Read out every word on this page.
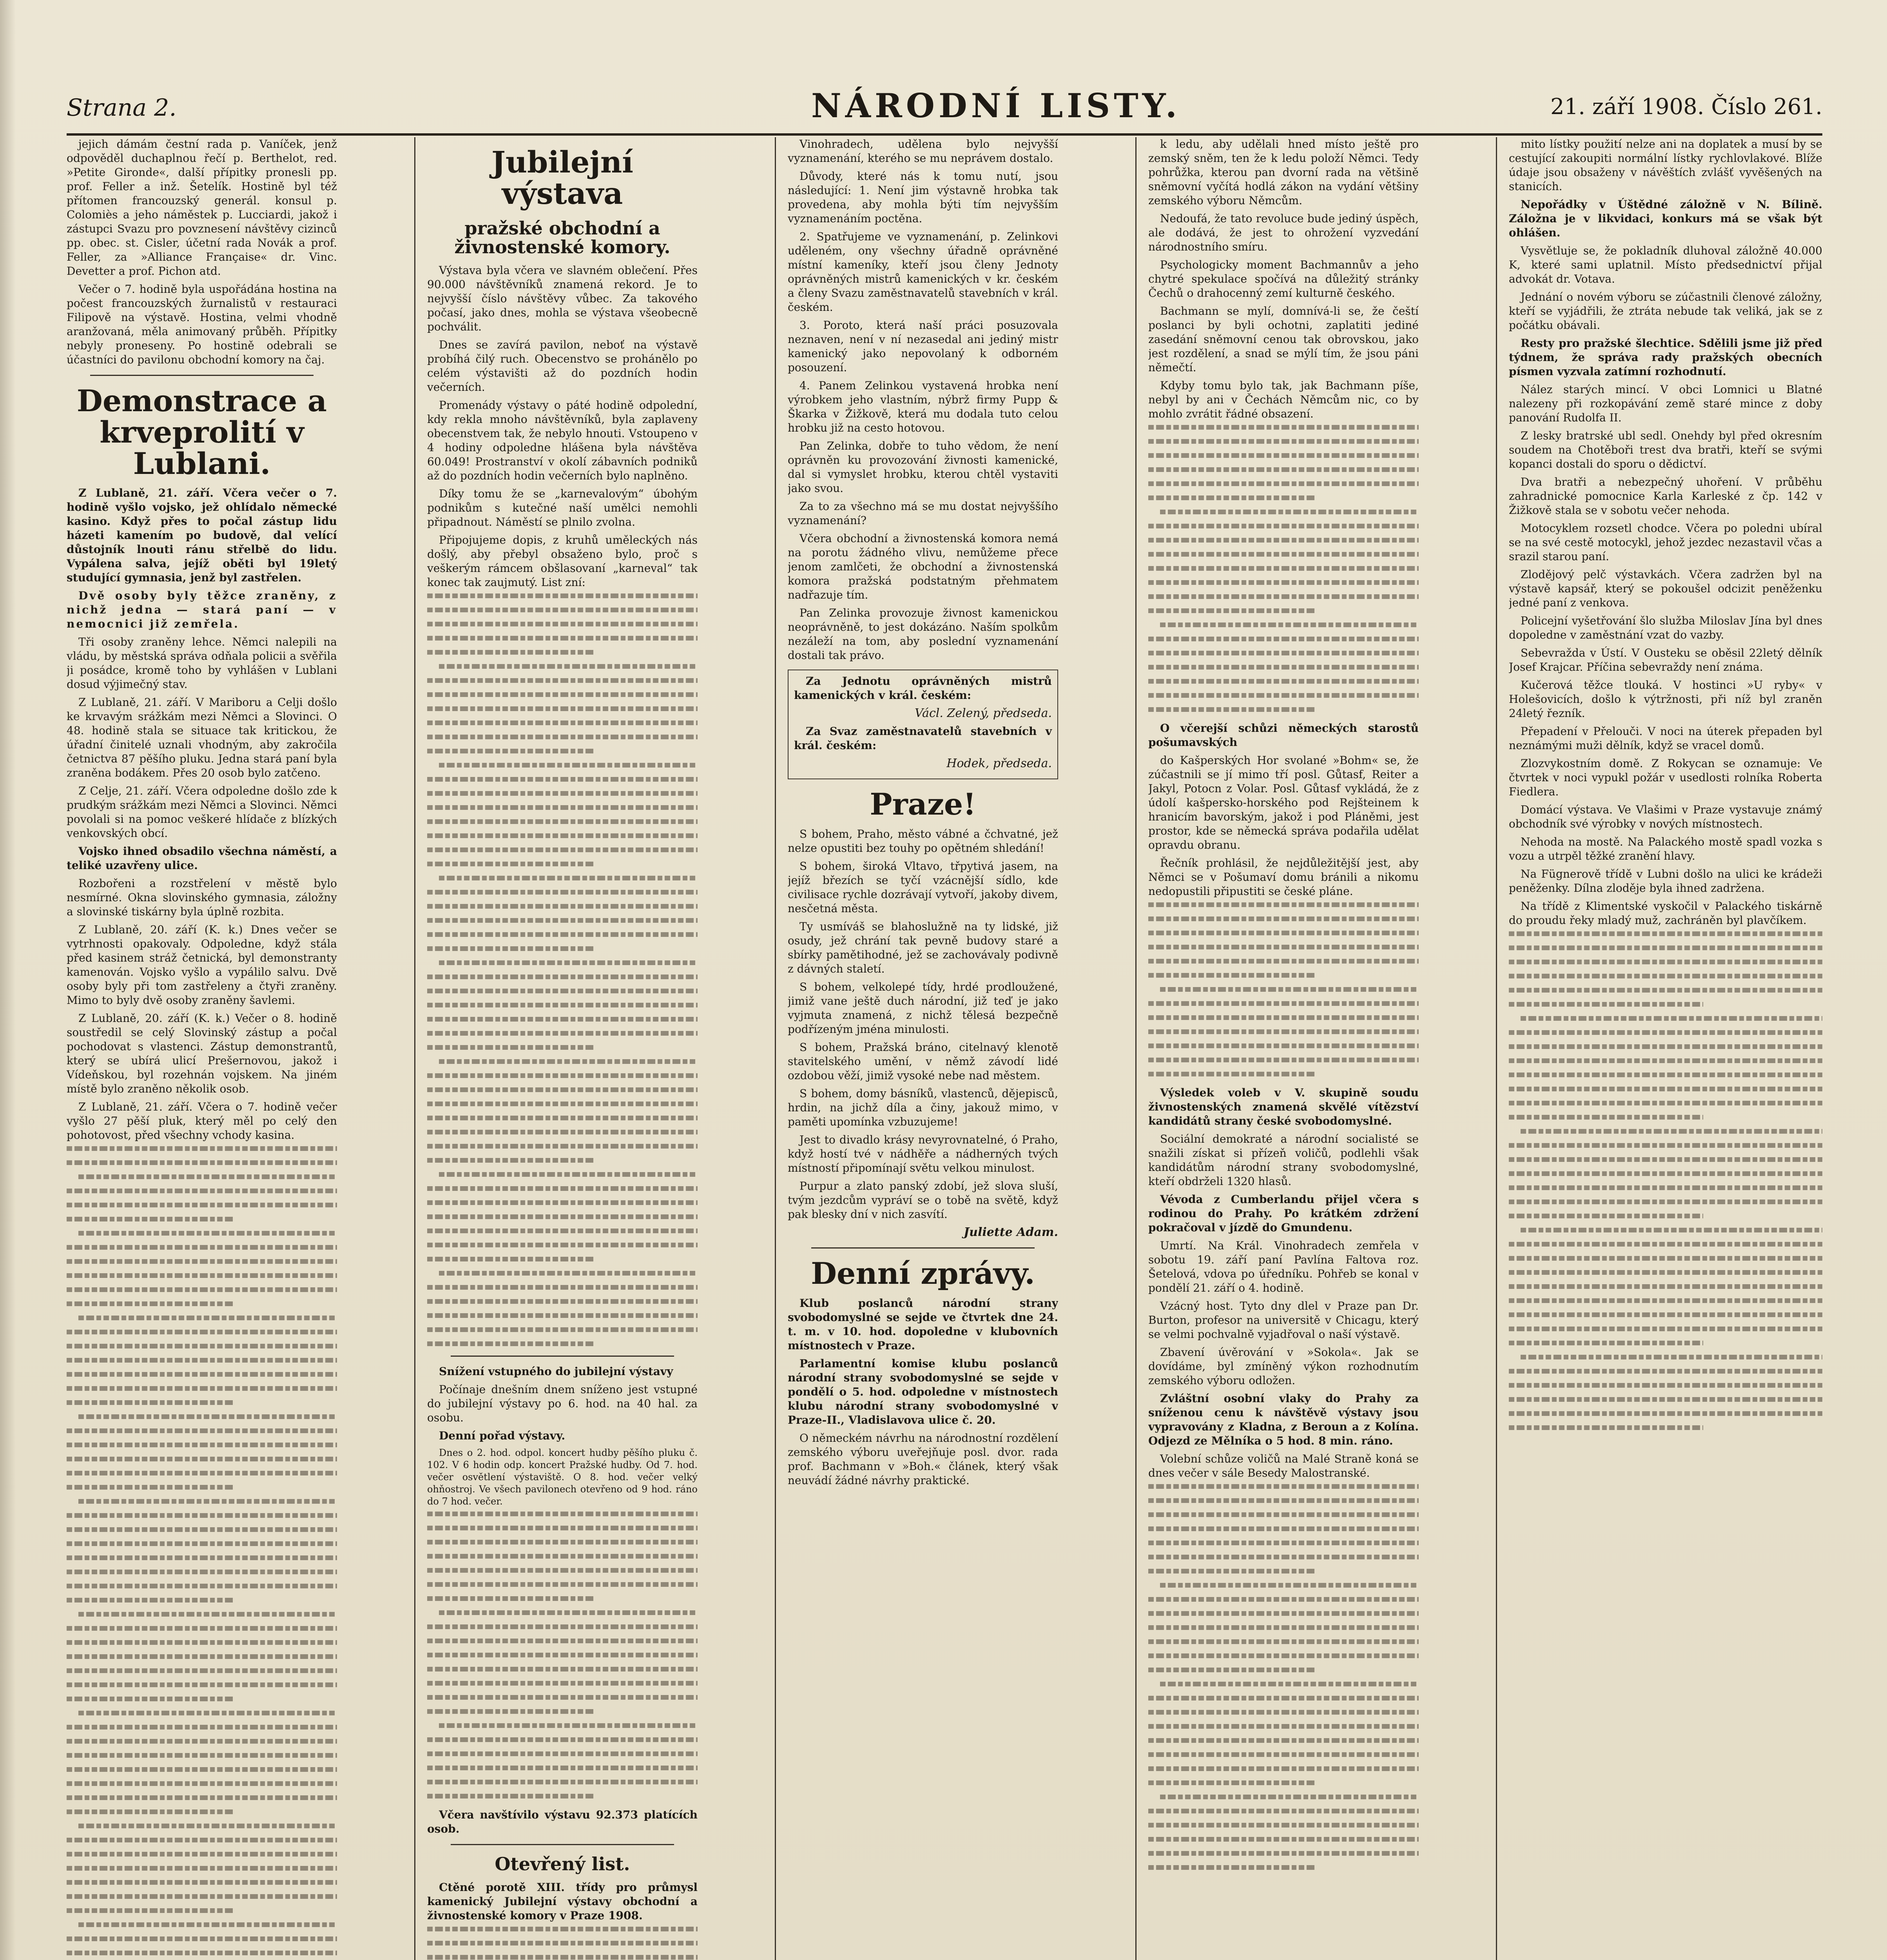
Strana 2.	NÁRODNÍ LISTY.	21. září 1908. Číslo 261.

jejich dámám čestní rada p. Vaníček, jenž odpověděl duchaplnou řečí p. Berthelot, red. »Petite Gironde«, další přípitky pronesli pp. prof. Feller a inž. Šetelík. Hostině byl též přítomen francouzský generál. konsul p. Colomiès a jeho náměstek p. Lucciardi, jakož i zástupci Svazu pro povznesení návštěvy cizinců pp. obec. st. Cisler, účetní rada Novák a prof. Feller, za »Alliance Française« dr. Vinc. Devetter a prof. Pichon atd.

Večer o 7. hodině byla uspořádána hostina na počest francouzských žurnalistů v restauraci Filipově na výstavě. Hostina, velmi vhodně aranžovaná, měla animovaný průběh. Přípitky nebyly proneseny. Po hostině odebrali se účastníci do pavilonu obchodní komory na čaj.

Demonstrace a krveprolití v Lublani.

Z Lublaně, 21. září. Včera večer o 7. hodině vyšlo vojsko, jež ohlídalo německé kasino. Když přes to počal zástup lidu házeti kamením po budově, dal velící důstojník lnouti ránu střelbě do lidu. Vypálena salva, jejíž oběti byl 19letý studující gymnasia, jenž byl zastřelen.

Dvě osoby byly těžce zraněny, z nichž jedna — stará paní — v nemocnici již zemřela.

Tři osoby zraněny lehce. Němci nalepili na vládu, by městská správa odňala policii a svěřila ji posádce, kromě toho by vyhlášen v Lublani dosud výjimečný stav.

Z Lublaně, 21. září. V Mariboru a Celji došlo ke krvavým srážkám mezi Němci a Slovinci. O 48. hodině stala se situace tak kritickou, že úřadní činitelé uznali vhodným, aby zakročila četnictva 87 pěšího pluku. Jedna stará paní byla zraněna bodákem. Přes 20 osob bylo zatčeno.

Z Celje, 21. září. Včera odpoledne došlo zde k prudkým srážkám mezi Němci a Slovinci. Němci povolali si na pomoc veškeré hlídače z blízkých venkovských obcí.

Vojsko ihned obsadilo všechna náměstí, a teliké uzavřeny ulice.

Rozbořeni a rozstřelení v městě bylo nesmírné. Okna slovinského gymnasia, záložny a slovinské tiskárny byla úplně rozbita.

Z Lublaně, 20. září (K. k.) Dnes večer se vytrhnosti opakovaly. Odpoledne, když stála před kasinem stráž četnická, byl demonstranty kamenován. Vojsko vyšlo a vypálilo salvu. Dvě osoby byly při tom zastřeleny a čtyři zraněny. Mimo to byly dvě osoby zraněny šavlemi.

Z Lublaně, 20. září (K. k.) Večer o 8. hodině soustředil se celý Slovinský zástup a počal pochodovat s vlastenci. Zástup demonstrantů, který se ubírá ulicí Prešernovou, jakož i Vídeňskou, byl rozehnán vojskem. Na jiném místě bylo zraněno několik osob.

Z Lublaně, 21. září. Včera o 7. hodině večer vyšlo 27 pěší pluk, který měl po celý den pohotovost, před všechny vchody kasina.

Jubilejní výstava
pražské obchodní a živnostenské komory.

Výstava byla včera ve slavném oblečení. Přes 90.000 návštěvníků znamená rekord. Je to nejvyšší číslo návštěvy vůbec. Za takového počasí, jako dnes, mohla se výstava všeobecně pochválit.

Dnes se zavírá pavilon, neboť na výstavě probíhá čilý ruch. Obecenstvo se prohánělo po celém výstavišti až do pozdních hodin večerních.

Promenády výstavy o páté hodině odpolední, kdy rekla mnoho návštěvníků, byla zaplaveny obecenstvem tak, že nebylo hnouti. Vstoupeno v 4 hodiny odpoledne hlášena byla návštěva 60.049! Prostranství v okolí zábavních podniků až do pozdních hodin večerních bylo naplněno.

Díky tomu že se „karnevalovým“ úbohým podnikům s kutečné naší umělci nemohli připadnout. Náměstí se plnilo zvolna.

Připojujeme dopis, z kruhů uměleckých nás došlý, aby přebyl obsaženo bylo, proč s veškerým rámcem obšlasovaní „karneval“ tak konec tak zaujmutý. List zní:

Snížení vstupného do jubilejní výstavy

Počínaje dnešním dnem sníženo jest vstupné do jubilejní výstavy po 6. hod. na 40 hal. za osobu.

Denní pořad výstavy.

Dnes o 2. hod. odpol. koncert hudby pěšího pluku č. 102. V 6 hodin odp. koncert Pražské hudby. Od 7. hod. večer osvětlení výstaviště. O 8. hod. večer velký ohňostroj. Ve všech pavilonech otevřeno od 9 hod. ráno do 7 hod. večer.

Včera navštívilo výstavu 92.373 platících osob.

Otevřený list.

Ctěné porotě XIII. třídy pro průmysl kamenický Jubilejní výstavy obchodní a živnostenské komory v Praze 1908.

Vinohradech, udělena bylo nejvyšší vyznamenání, kterého se mu neprávem dostalo.

Důvody, které nás k tomu nutí, jsou následující: 1. Není jim výstavně hrobka tak provedena, aby mohla býti tím nejvyšším vyznamenáním poctěna.

2. Spatřujeme ve vyznamenání, p. Zelinkovi uděleném, ony všechny úřadně oprávněné místní kameníky, kteří jsou členy Jednoty oprávněných mistrů kamenických v kr. českém a členy Svazu zaměstnavatelů stavebních v král. českém.

3. Poroto, která naší práci posuzovala neznaven, není v ní nezasedal ani jediný mistr kamenický jako nepovolaný k odborném posouzení.

4. Panem Zelinkou vystavená hrobka není výrobkem jeho vlastním, nýbrž firmy Pupp & Škarka v Žižkově, která mu dodala tuto celou hrobku již na cesto hotovou.

Pan Zelinka, dobře to tuho vědom, že není oprávněn ku provozování živnosti kamenické, dal si vymyslet hrobku, kterou chtěl vystaviti jako svou.

Za to za všechno má se mu dostat nejvyššího vyznamenání?

Včera obchodní a živnostenská komora nemá na porotu žádného vlivu, nemůžeme přece jenom zamlčeti, že obchodní a živnostenská komora pražská podstatným přehmatem nadřazuje tím.

Pan Zelinka provozuje živnost kamenickou neoprávněně, to jest dokázáno. Naším spolkům nezáleží na tom, aby poslední vyznamenání dostali tak právo.

Za Jednotu oprávněných mistrů kamenických v král. českém:

Václ. Zelený, předseda.

Za Svaz zaměstnavatelů stavebních v král. českém:

Hodek, předseda.

Praze!

S bohem, Praho, město vábné a čchvatné, jež nelze opustiti bez touhy po opětném shledání!

S bohem, široká Vltavo, třpytivá jasem, na jejíž březích se tyčí vzácnější sídlo, kde civilisace rychle dozrávají vytvoří, jakoby divem, nesčetná města.

Ty usmíváš se blahoslužně na ty lidské, již osudy, jež chrání tak pevně budovy staré a sbírky pamětihodné, jež se zachovávaly podivně z dávných staletí.

S bohem, velkolepé tídy, hrdé prodloužené, jimiž vane ještě duch národní, již teď je jako vyjmuta znamená, z nichž tělesá bezpečně podřízeným jména minulosti.

S bohem, Pražská bráno, citelnavý klenotě stavitelského umění, v němž závodí lidé ozdobou věží, jimiž vysoké nebe nad městem.

S bohem, domy básníků, vlastenců, dějepisců, hrdin, na jichž díla a činy, jakouž mimo, v paměti upomínka vzbuzujeme!

Jest to divadlo krásy nevyrovnatelné, ó Praho, když hostí tvé v nádhěře a nádherných tvých místností připomínají světu velkou minulost.

Purpur a zlato panský zdobí, jež slova sluší, tvým jezdcům vypráví se o tobě na světě, když pak blesky dní v nich zasvítí.

Juliette Adam.

Denní zprávy.

Klub poslanců národní strany svobodomyslné se sejde ve čtvrtek dne 24. t. m. v 10. hod. dopoledne v klubovních místnostech v Praze.

Parlamentní komise klubu poslanců národní strany svobodomyslné se sejde v pondělí o 5. hod. odpoledne v místnostech klubu národní strany svobodomyslné v Praze-II., Vladislavova ulice č. 20.

O německém návrhu na národnostní rozdělení zemského výboru uveřejňuje posl. dvor. rada prof. Bachmann v »Boh.« článek, který však neuvádí žádné návrhy praktické.

k ledu, aby udělali hned místo ještě pro zemský sněm, ten že k ledu položí Němci. Tedy pohrůžka, kterou pan dvorní rada na většině sněmovní vyčítá hodlá zákon na vydání většiny zemského výboru Němcům.

Nedoufá, že tato revoluce bude jediný úspěch, ale dodává, že jest to ohrožení vyzvedání národnostního smíru.

Psychologicky moment Bachmannův a jeho chytré spekulace spočívá na důležitý stránky Čechů o drahocenný zemí kulturně českého.

Bachmann se mylí, domnívá-li se, že čeští poslanci by byli ochotni, zaplatiti jediné zasedání sněmovní cenou tak obrovskou, jako jest rozdělení, a snad se mýlí tím, že jsou páni němečtí.

Kdyby tomu bylo tak, jak Bachmann píše, nebyl by ani v Čechách Němcům nic, co by mohlo zvrátit řádné obsazení.

O včerejší schůzi německých starostů pošumavských

do Kašperských Hor svolané »Bohm« se, že zúčastnili se jí mimo tří posl. Gůtasf, Reiter a Jakyl, Potocn z Volar. Posl. Gůtasf vykládá, že z údolí kašpersko-horského pod Rejšteinem k hranicím bavorským, jakož i pod Pláněmi, jest prostor, kde se německá správa podařila udělat opravdu obranu.

Řečník prohlásil, že nejdůležitější jest, aby Němci se v Pošumaví domu bránili a nikomu nedopustili připustiti se české pláne.

Výsledek voleb v V. skupině soudu živnostenských znamená skvělé vítězství kandidátů strany české svobodomyslné.

Sociální demokraté a národní socialisté se snažili získat si přízeň voličů, podlehli však kandidátům národní strany svobodomyslné, kteří obdrželi 1320 hlasů.

Vévoda z Cumberlandu přijel včera s rodinou do Prahy. Po krátkém zdržení pokračoval v jízdě do Gmundenu.

Umrtí. Na Král. Vinohradech zemřela v sobotu 19. září paní Pavlína Faltova roz. Šetelová, vdova po úředníku. Pohřeb se konal v pondělí 21. září o 4. hodině.

Vzácný host. Tyto dny dlel v Praze pan Dr. Burton, profesor na universitě v Chicagu, který se velmi pochvalně vyjadřoval o naší výstavě.

Zbavení úvěrování v »Sokola«. Jak se dovídáme, byl zmíněný výkon rozhodnutím zemského výboru odložen.

Zvláštní osobní vlaky do Prahy za sníženou cenu k návštěvě výstavy jsou vypravovány z Kladna, z Beroun a z Kolína. Odjezd ze Mělníka o 5 hod. 8 min. ráno.

Volební schůze voličů na Malé Straně koná se dnes večer v sále Besedy Malostranské.

mito lístky použití nelze ani na doplatek a musí by se cestující zakoupiti normální lístky rychlovlakové. Blíže údaje jsou obsaženy v návěštích zvlášť vyvěšených na stanicích.

Nepořádky v Úštědné záložně v N. Bílině. Záložna je v likvidaci, konkurs má se však být ohlášen.

Vysvětluje se, že pokladník dluhoval záložně 40.000 K, které sami uplatnil. Místo předsednictví přijal advokát dr. Votava.

Jednání o novém výboru se zúčastnili členové záložny, kteří se vyjádřili, že ztráta nebude tak veliká, jak se z počátku obávali.

Resty pro pražské šlechtice. Sdělili jsme již před týdnem, že správa rady pražských obecních písmen vyzvala zatímní rozhodnutí.

Nález starých mincí. V obci Lomnici u Blatné nalezeny při rozkopávání země staré mince z doby panování Rudolfa II.

Z lesky bratrské ubl sedl. Onehdy byl před okresním soudem na Chotěboři trest dva bratři, kteří se svými kopanci dostali do sporu o dědictví.

Dva bratři a nebezpečný uhoření. V průběhu zahradnické pomocnice Karla Karleské z čp. 142 v Žižkově stala se v sobotu večer nehoda.

Motocyklem rozsetl chodce. Včera po poledni ubíral se na své cestě motocykl, jehož jezdec nezastavil včas a srazil starou paní.

Zlodějový pelč výstavkách. Včera zadržen byl na výstavě kapsář, který se pokoušel odcizit peněženku jedné paní z venkova.

Policejní vyšetřování šlo služba Miloslav Jína byl dnes dopoledne v zaměstnání vzat do vazby.

Sebevražda v Ústí. V Ousteku se oběsil 22letý dělník Josef Krajcar. Příčina sebevraždy není známa.

Kučerová těžce tlouká. V hostinci »U ryby« v Holešovicích, došlo k výtržnosti, při níž byl zraněn 24letý řezník.

Přepadení v Přelouči. V noci na úterek přepaden byl neznámými muži dělník, když se vracel domů.

Zlozvykostním domě. Z Rokycan se oznamuje: Ve čtvrtek v noci vypukl požár v usedlosti rolníka Roberta Fiedlera.

Domácí výstava. Ve Vlašimi v Praze vystavuje známý obchodník své výrobky v nových místnostech.

Nehoda na mostě. Na Palackého mostě spadl vozka s vozu a utrpěl těžké zranění hlavy.

Na Fügnerově třídě v Lubni došlo na ulici ke krádeži peněženky. Dílna zloděje byla ihned zadržena.

Na třídě z Klimentské vyskočil v Palackého tiskárně do proudu řeky mladý muž, zachráněn byl plavčíkem.
